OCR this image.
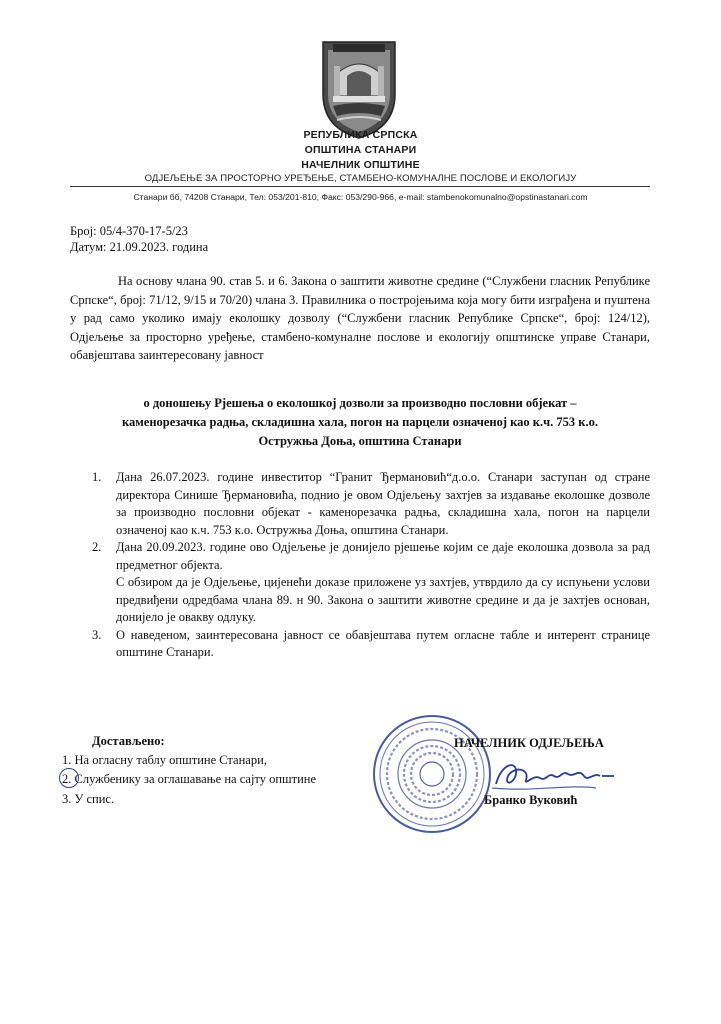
РЕПУБЛИКА СРПСКА
ОПШТИНА СТАНАРИ
НАЧЕЛНИК ОПШТИНЕ
ОДЈЕЉЕЊЕ ЗА ПРОСТОРНО УРЕЂЕЊЕ, СТАМБЕНО-КОМУНАЛНЕ ПОСЛОВЕ И ЕКОЛОГИЈУ
Станари бб, 74208 Станари, Тел: 053/201-810, Факс: 053/290-966, e-mail: stambenokomunalno@opstinastanari.com
Број: 05/4-370-17-5/23
Датум: 21.09.2023. година
На основу члана 90. став 5. и 6. Закона о заштити животне средине (“Службени гласник Републике Српске“, број: 71/12, 9/15 и 70/20) члана 3. Правилника о постројењима која могу бити изграђена и пуштена у рад само уколико имају еколошку дозволу (“Службени гласник Републике Српске“, број: 124/12), Одјељење за просторно уређење, стамбено-комуналне послове и екологију општинске управе Станари, обавјештава заинтересовану јавност
о доношењу Рјешења о еколошкој дозволи за производно пословни објекат –
каменорезачка радња, складишна хала, погон на парцели означеној као к.ч. 753 к.о.
Остружња Доња, општина Станари
1. Дана 26.07.2023. године инвеститор “Гранит Ђермановић“д.о.о. Станари заступан од стране директора Синише Ђермановића, поднио је овом Одјељењу захтјев за издавање еколошке дозволе за производно пословни објекат - каменорезачка радња, складишна хала, погон на парцели означеној као к.ч. 753 к.о. Остружња Доња, општина Станари.
2. Дана 20.09.2023. године ово Одјељење је донијело рјешење којим се даје еколошка дозвола за рад предметног објекта.
С обзиром да је Одјељење, цијенећи доказе приложене уз захтјев, утврдило да су испуњени услови предвиђени одредбама члана 89. н 90. Закона о заштити животне средине и да је захтјев основан, донијело је овакву одлуку.
3. О наведеном, заинтересована јавност се обавјештава путем огласне табле и интерент странице општине Станари.
Достављено:
1. На огласну таблу општине Станари,
2. Службенику за оглашавање на сајту општине
3. У спис.
НАЧЕЛНИК ОДЈЕЉЕЊА
Бранко Вуковић
